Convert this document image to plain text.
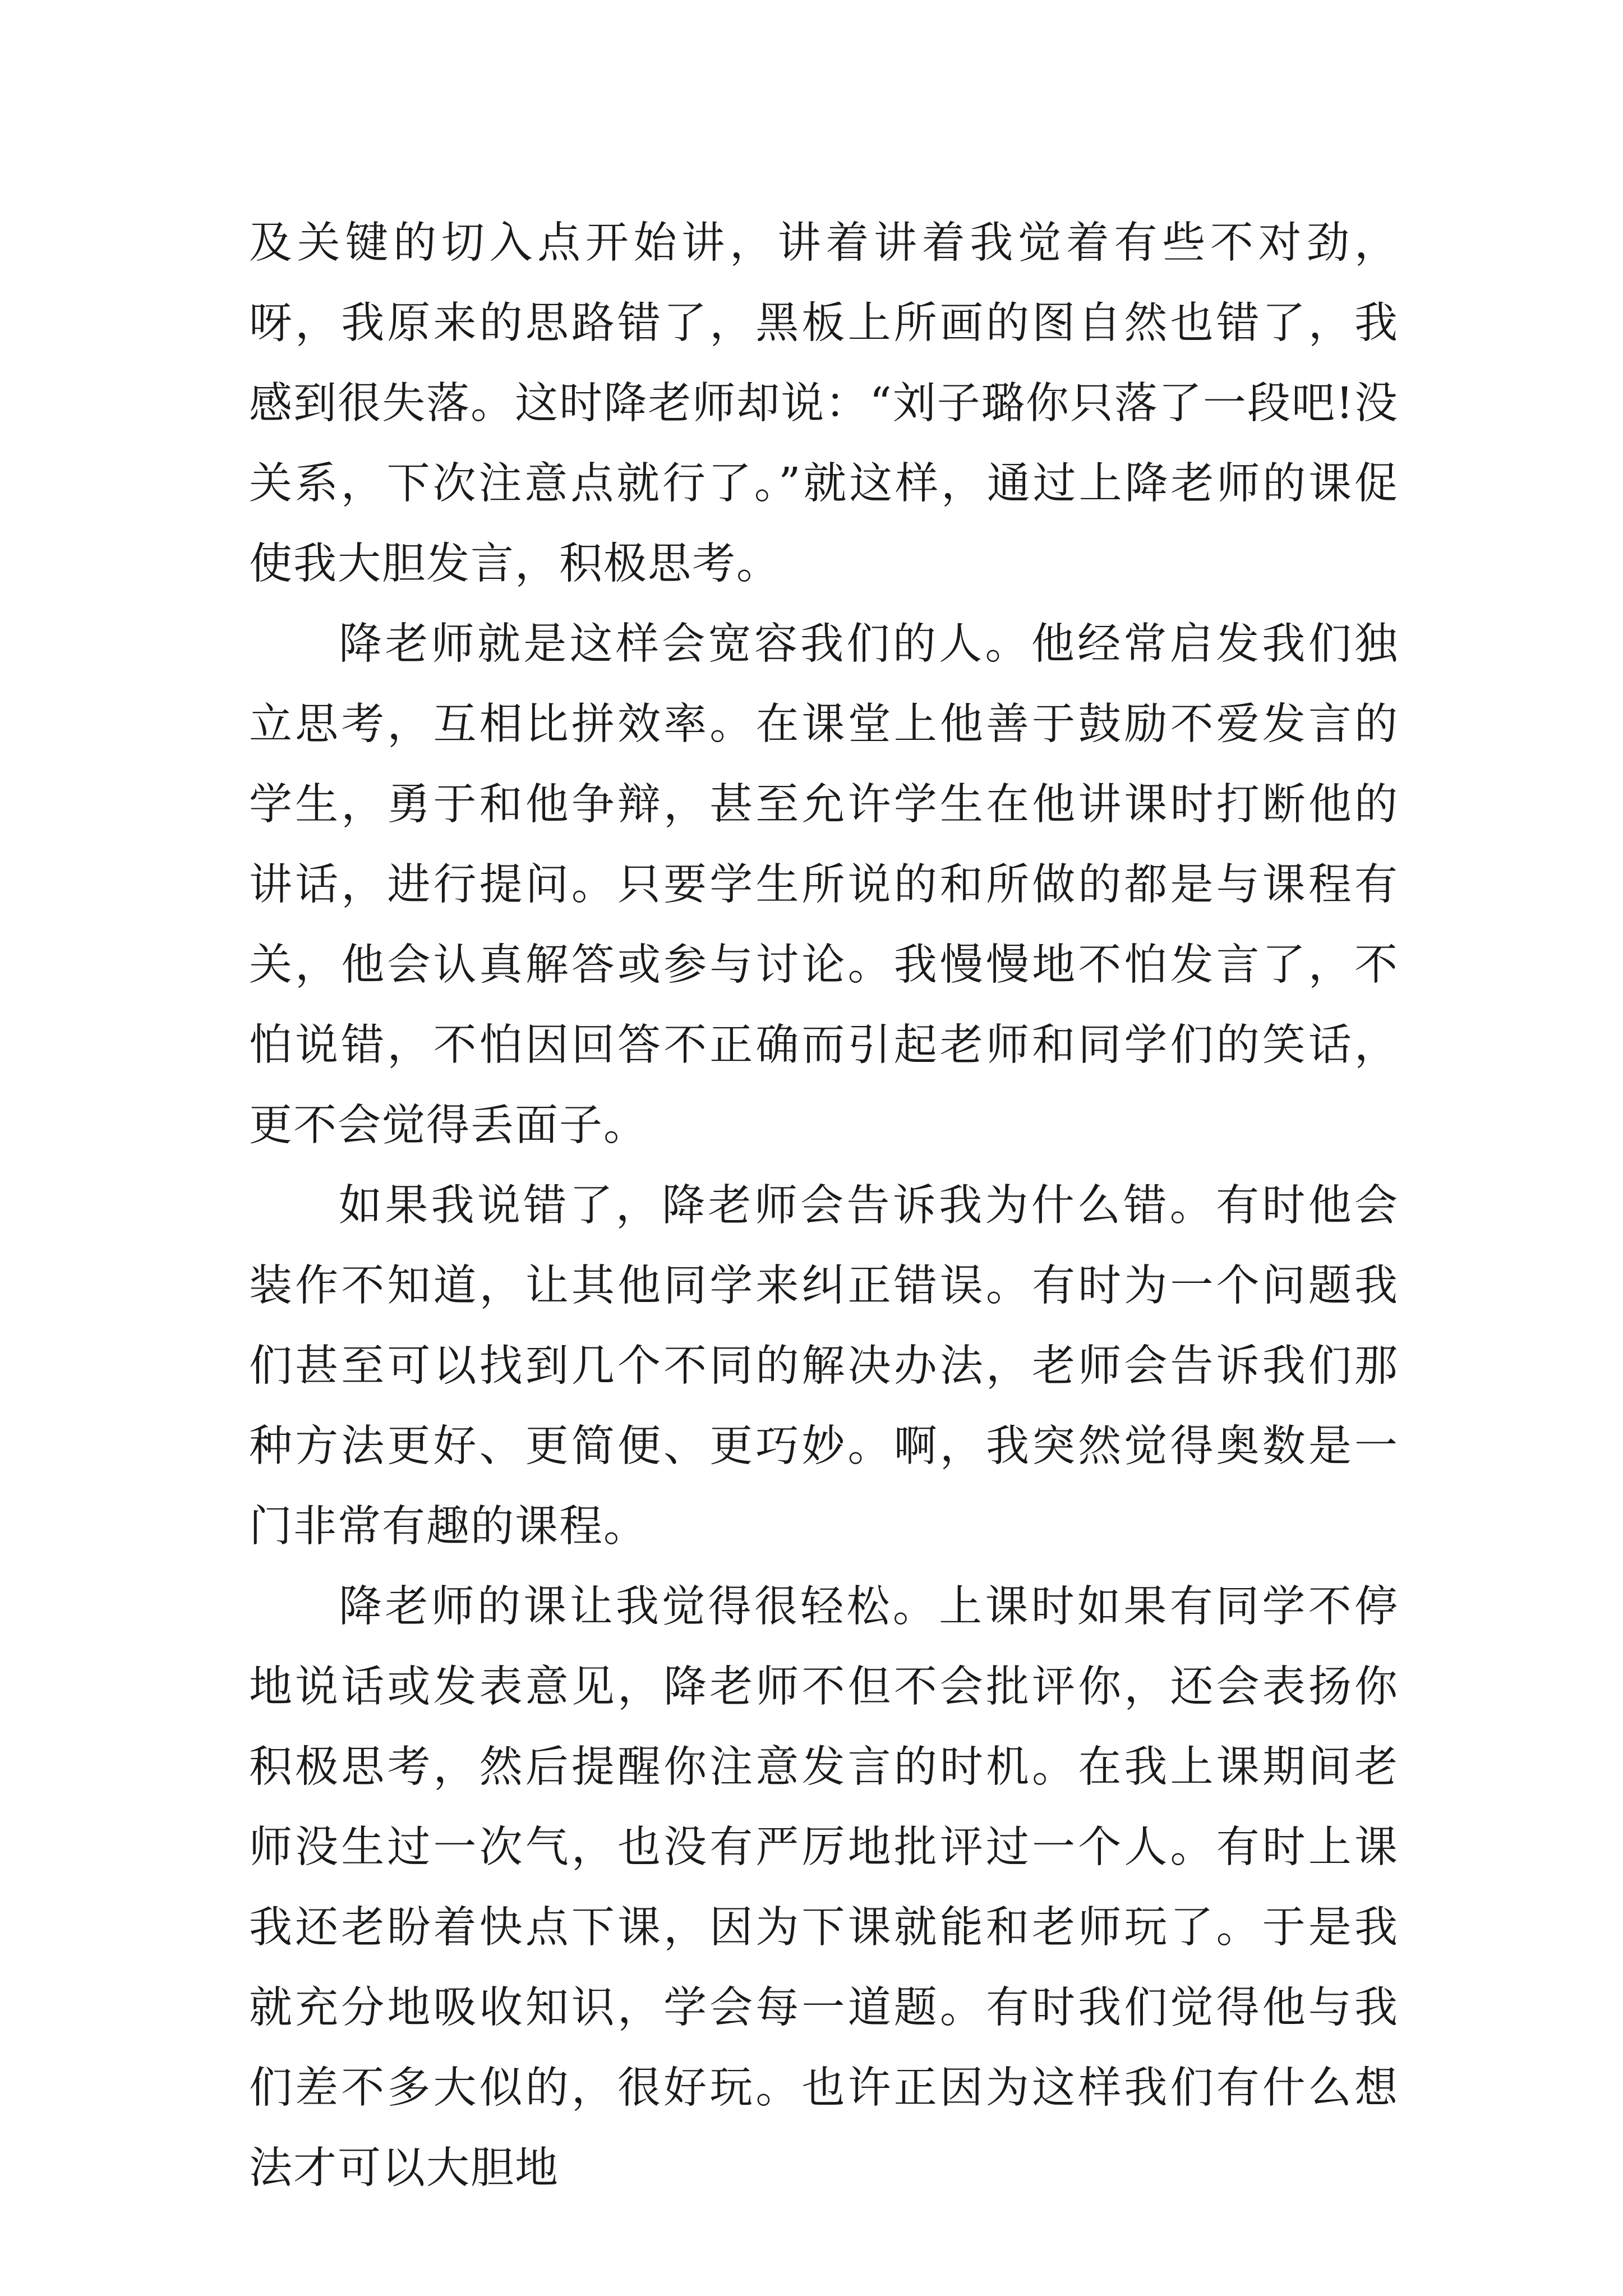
及关键的切入点开始讲，讲着讲着我觉着有些不对劲，呀，我原来的思路错了，黑板上所画的图自然也错了，我感到很失落。这时降老师却说：“刘子璐你只落了一段吧!没关系，下次注意点就行了。”就这样，通过上降老师的课促使我大胆发言，积极思考。

降老师就是这样会宽容我们的人。他经常启发我们独立思考，互相比拼效率。在课堂上他善于鼓励不爱发言的学生，勇于和他争辩，甚至允许学生在他讲课时打断他的讲话，进行提问。只要学生所说的和所做的都是与课程有关，他会认真解答或参与讨论。我慢慢地不怕发言了，不怕说错，不怕因回答不正确而引起老师和同学们的笑话，更不会觉得丢面子。

如果我说错了，降老师会告诉我为什么错。有时他会装作不知道，让其他同学来纠正错误。有时为一个问题我们甚至可以找到几个不同的解决办法，老师会告诉我们那种方法更好、更简便、更巧妙。啊，我突然觉得奥数是一门非常有趣的课程。

降老师的课让我觉得很轻松。上课时如果有同学不停地说话或发表意见，降老师不但不会批评你，还会表扬你积极思考，然后提醒你注意发言的时机。在我上课期间老师没生过一次气，也没有严厉地批评过一个人。有时上课我还老盼着快点下课，因为下课就能和老师玩了。于是我就充分地吸收知识，学会每一道题。有时我们觉得他与我们差不多大似的，很好玩。也许正因为这样我们有什么想法才可以大胆地
